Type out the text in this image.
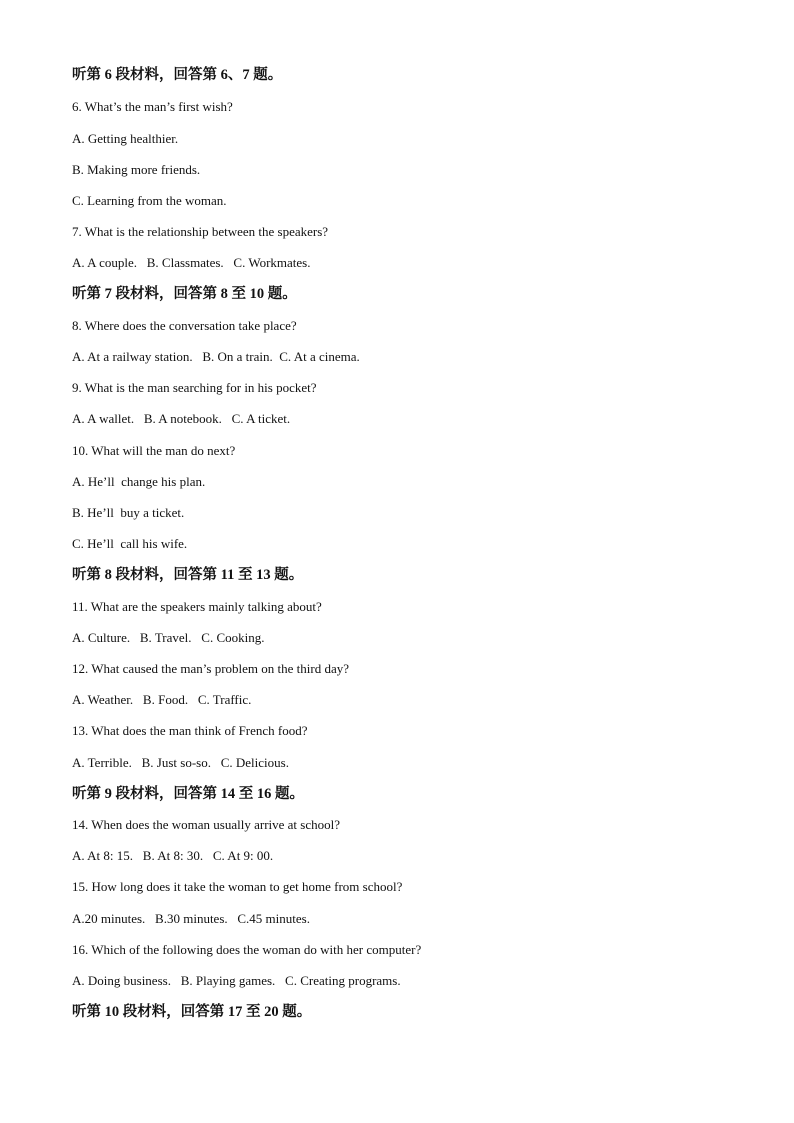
听第 6 段材料，回答第 6、7 题。
6. What’s the man’s first wish?
A. Getting healthier.
B. Making more friends.
C. Learning from the woman.
7. What is the relationship between the speakers?
A. A couple.   B. Classmates.   C. Workmates.
听第 7 段材料，回答第 8 至 10 题。
8. Where does the conversation take place?
A. At a railway station.   B. On a train.  C. At a cinema.
9. What is the man searching for in his pocket?
A. A wallet.   B. A notebook.   C. A ticket.
10. What will the man do next?
A. He’ll  change his plan.
B. He’ll  buy a ticket.
C. He’ll  call his wife.
听第 8 段材料，回答第 11 至 13 题。
11. What are the speakers mainly talking about?
A. Culture.   B. Travel.   C. Cooking.
12. What caused the man’s problem on the third day?
A. Weather.   B. Food.   C. Traffic.
13. What does the man think of French food?
A. Terrible.   B. Just so-so.   C. Delicious.
听第 9 段材料，回答第 14 至 16 题。
14. When does the woman usually arrive at school?
A. At 8: 15.   B. At 8: 30.   C. At 9: 00.
15. How long does it take the woman to get home from school?
A.20 minutes.   B.30 minutes.   C.45 minutes.
16. Which of the following does the woman do with her computer?
A. Doing business.   B. Playing games.   C. Creating programs.
听第 10 段材料，回答第 17 至 20 题。
